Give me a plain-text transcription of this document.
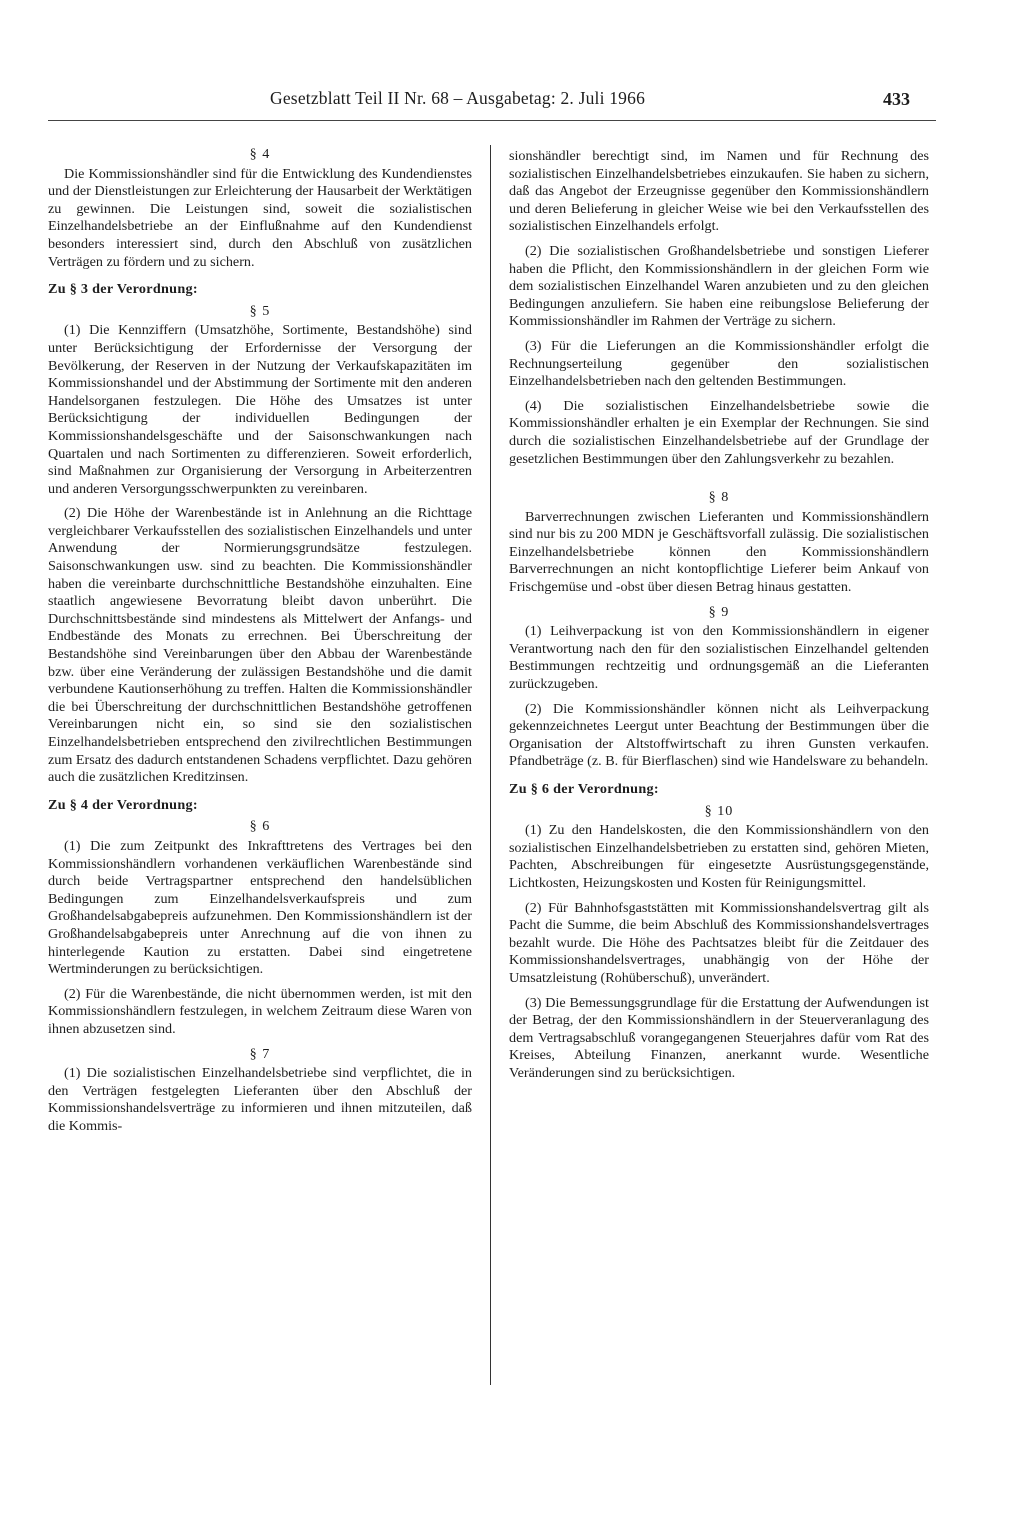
Gesetzblatt Teil II Nr. 68 – Ausgabetag: 2. Juli 1966	433
§ 4

Die Kommissionshändler sind für die Entwicklung des Kundendienstes und der Dienstleistungen zur Erleichterung der Hausarbeit der Werktätigen zu gewinnen. Die Leistungen sind, soweit die sozialistischen Einzelhandelsbetriebe an der Einflußnahme auf den Kundendienst besonders interessiert sind, durch den Abschluß von zusätzlichen Verträgen zu fördern und zu sichern.

Zu § 3 der Verordnung:
§ 5

(1) Die Kennziffern (Umsatzhöhe, Sortimente, Bestandshöhe) sind unter Berücksichtigung der Erfordernisse der Versorgung der Bevölkerung, der Reserven in der Nutzung der Verkaufskapazitäten im Kommissionshandel und der Abstimmung der Sortimente mit den anderen Handelsorganen festzulegen. Die Höhe des Umsatzes ist unter Berücksichtigung der individuellen Bedingungen der Kommissionshandelsgeschäfte und der Saisonschwankungen nach Quartalen und nach Sortimenten zu differenzieren. Soweit erforderlich, sind Maßnahmen zur Organisierung der Versorgung in Arbeiterzentren und anderen Versorgungsschwerpunkten zu vereinbaren.

(2) Die Höhe der Warenbestände ist in Anlehnung an die Richttage vergleichbarer Verkaufsstellen des sozialistischen Einzelhandels und unter Anwendung der Normierungsgrundsätze festzulegen. Saisonschwankungen usw. sind zu beachten. Die Kommissionshändler haben die vereinbarte durchschnittliche Bestandshöhe einzuhalten. Eine staatlich angewiesene Bevorratung bleibt davon unberührt. Die Durchschnittsbestände sind mindestens als Mittelwert der Anfangs- und Endbestände des Monats zu errechnen. Bei Überschreitung der Bestandshöhe sind Vereinbarungen über den Abbau der Warenbestände bzw. über eine Veränderung der zulässigen Bestandshöhe und die damit verbundene Kautionserhöhung zu treffen. Halten die Kommissionshändler die bei Überschreitung der durchschnittlichen Bestandshöhe getroffenen Vereinbarungen nicht ein, so sind sie den sozialistischen Einzelhandelsbetrieben entsprechend den zivilrechtlichen Bestimmungen zum Ersatz des dadurch entstandenen Schadens verpflichtet. Dazu gehören auch die zusätzlichen Kreditzinsen.

Zu § 4 der Verordnung:
§ 6

(1) Die zum Zeitpunkt des Inkrafttretens des Vertrages bei den Kommissionshändlern vorhandenen verkäuflichen Warenbestände sind durch beide Vertragspartner entsprechend den handelsüblichen Bedingungen zum Einzelhandelsverkaufspreis und zum Großhandelsabgabepreis aufzunehmen. Den Kommissionshändlern ist der Großhandelsabgabepreis unter Anrechnung auf die von ihnen zu hinterlegende Kaution zu erstatten. Dabei sind eingetretene Wertminderungen zu berücksichtigen.

(2) Für die Warenbestände, die nicht übernommen werden, ist mit den Kommissionshändlern festzulegen, in welchem Zeitraum diese Waren von ihnen abzusetzen sind.

§ 7

(1) Die sozialistischen Einzelhandelsbetriebe sind verpflichtet, die in den Verträgen festgelegten Lieferanten über den Abschluß der Kommissionshandelsverträge zu informieren und ihnen mitzuteilen, daß die Kommis-

sionshändler berechtigt sind, im Namen und für Rechnung des sozialistischen Einzelhandelsbetriebes einzukaufen. Sie haben zu sichern, daß das Angebot der Erzeugnisse gegenüber den Kommissionshändlern und deren Belieferung in gleicher Weise wie bei den Verkaufsstellen des sozialistischen Einzelhandels erfolgt.

(2) Die sozialistischen Großhandelsbetriebe und sonstigen Lieferer haben die Pflicht, den Kommissionshändlern in der gleichen Form wie dem sozialistischen Einzelhandel Waren anzubieten und zu den gleichen Bedingungen anzuliefern. Sie haben eine reibungslose Belieferung der Kommissionshändler im Rahmen der Verträge zu sichern.

(3) Für die Lieferungen an die Kommissionshändler erfolgt die Rechnungserteilung gegenüber den sozialistischen Einzelhandelsbetrieben nach den geltenden Bestimmungen.

(4) Die sozialistischen Einzelhandelsbetriebe sowie die Kommissionshändler erhalten je ein Exemplar der Rechnungen. Sie sind durch die sozialistischen Einzelhandelsbetriebe auf der Grundlage der gesetzlichen Bestimmungen über den Zahlungsverkehr zu bezahlen.

§ 8

Barverrechnungen zwischen Lieferanten und Kommissionshändlern sind nur bis zu 200 MDN je Geschäftsvorfall zulässig. Die sozialistischen Einzelhandelsbetriebe können den Kommissionshändlern Barverrechnungen an nicht kontopflichtige Lieferer beim Ankauf von Frischgemüse und -obst über diesen Betrag hinaus gestatten.

§ 9

(1) Leihverpackung ist von den Kommissionshändlern in eigener Verantwortung nach den für den sozialistischen Einzelhandel geltenden Bestimmungen rechtzeitig und ordnungsgemäß an die Lieferanten zurückzugeben.

(2) Die Kommissionshändler können nicht als Leihverpackung gekennzeichnetes Leergut unter Beachtung der Bestimmungen über die Organisation der Altstoffwirtschaft zu ihren Gunsten verkaufen. Pfandbeträge (z. B. für Bierflaschen) sind wie Handelsware zu behandeln.

Zu § 6 der Verordnung:
§ 10

(1) Zu den Handelskosten, die den Kommissionshändlern von den sozialistischen Einzelhandelsbetrieben zu erstatten sind, gehören Mieten, Pachten, Abschreibungen für eingesetzte Ausrüstungsgegenstände, Lichtkosten, Heizungskosten und Kosten für Reinigungsmittel.

(2) Für Bahnhofsgaststätten mit Kommissionshandelsvertrag gilt als Pacht die Summe, die beim Abschluß des Kommissionshandelsvertrages bezahlt wurde. Die Höhe des Pachtsatzes bleibt für die Zeitdauer des Kommissionshandelsvertrages, unabhängig von der Höhe der Umsatzleistung (Rohüberschuß), unverändert.

(3) Die Bemessungsgrundlage für die Erstattung der Aufwendungen ist der Betrag, der den Kommissionshändlern in der Steuerveranlagung des dem Vertragsabschluß vorangegangenen Steuerjahres dafür vom Rat des Kreises, Abteilung Finanzen, anerkannt wurde. Wesentliche Veränderungen sind zu berücksichtigen.
